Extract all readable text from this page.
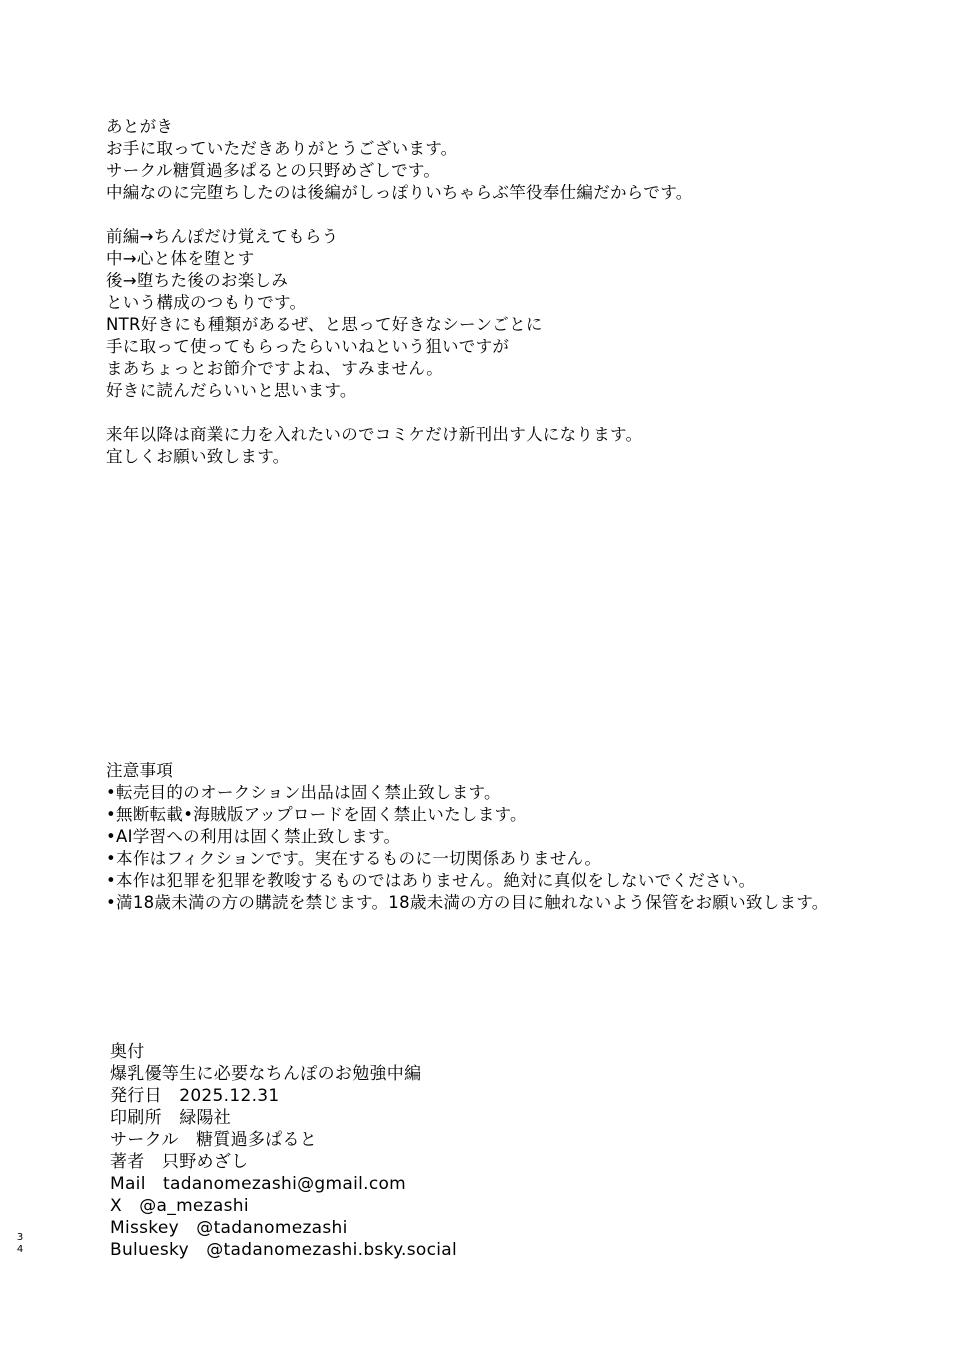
あとがき
お手に取っていただきありがとうございます。
サークル糖質過多ぱるとの只野めざしです。
中編なのに完堕ちしたのは後編がしっぽりいちゃらぶ竿役奉仕編だからです。
前編→ちんぽだけ覚えてもらう
中→心と体を堕とす
後→堕ちた後のお楽しみ
という構成のつもりです。
NTR好きにも種類があるぜ、と思って好きなシーンごとに
手に取って使ってもらったらいいねという狙いですが
まあちょっとお節介ですよね、すみません。
好きに読んだらいいと思います。
来年以降は商業に力を入れたいのでコミケだけ新刊出す人になります。
宜しくお願い致します。
注意事項
•転売目的のオークション出品は固く禁止致します。
•無断転載•海賊版アップロードを固く禁止いたします。
•AI学習への利用は固く禁止致します。
•本作はフィクションです。実在するものに一切関係ありません。
•本作は犯罪を犯罪を教唆するものではありません。絶対に真似をしないでください。
•満18歳未満の方の購読を禁じます。18歳未満の方の目に触れないよう保管をお願い致します。
奥付
爆乳優等生に必要なちんぽのお勉強中編
発行日　2025.12.31
印刷所　緑陽社
サークル　糖質過多ぱると
著者　只野めざし
Mail　tadanomezashi@gmail.com
X　@a_mezashi
Misskey　@tadanomezashi
Buluesky　@tadanomezashi.bsky.social
34
